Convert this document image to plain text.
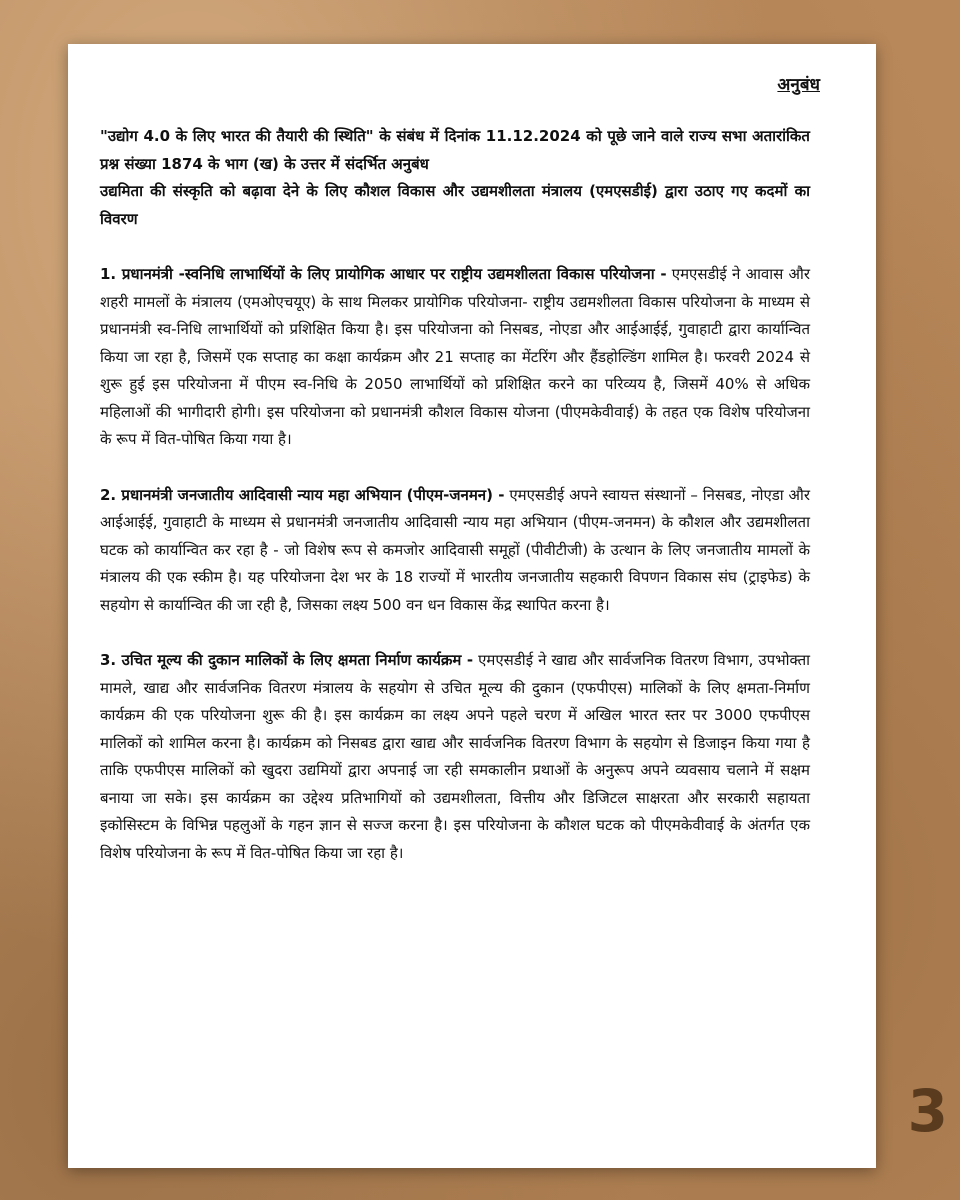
अनुबंध

"उद्योग 4.0 के लिए भारत की तैयारी की स्थिति" के संबंध में दिनांक 11.12.2024 को पूछे जाने वाले राज्य सभा अतारांकित प्रश्न संख्या 1874 के भाग (ख) के उत्तर में संदर्भित अनुबंध

उद्यमिता की संस्कृति को बढ़ावा देने के लिए कौशल विकास और उद्यमशीलता मंत्रालय (एमएसडीई) द्वारा उठाए गए कदमों का विवरण

1. प्रधानमंत्री -स्वनिधि लाभार्थियों के लिए प्रायोगिक आधार पर राष्ट्रीय उद्यमशीलता विकास परियोजना - एमएसडीई ने आवास और शहरी मामलों के मंत्रालय (एमओएचयूए) के साथ मिलकर प्रायोगिक परियोजना- राष्ट्रीय उद्यमशीलता विकास परियोजना के माध्यम से प्रधानमंत्री स्व-निधि लाभार्थियों को प्रशिक्षित किया है। इस परियोजना को निसबड, नोएडा और आईआईई, गुवाहाटी द्वारा कार्यान्वित किया जा रहा है, जिसमें एक सप्ताह का कक्षा कार्यक्रम और 21 सप्ताह का मेंटरिंग और हैंडहोल्डिंग शामिल है। फरवरी 2024 से शुरू हुई इस परियोजना में पीएम स्व-निधि के 2050 लाभार्थियों को प्रशिक्षित करने का परिव्यय है, जिसमें 40% से अधिक महिलाओं की भागीदारी होगी। इस परियोजना को प्रधानमंत्री कौशल विकास योजना (पीएमकेवीवाई) के तहत एक विशेष परियोजना के रूप में वित-पोषित किया गया है।

2. प्रधानमंत्री जनजातीय आदिवासी न्याय महा अभियान (पीएम-जनमन) - एमएसडीई अपने स्वायत्त संस्थानों – निसबड, नोएडा और आईआईई, गुवाहाटी के माध्यम से प्रधानमंत्री जनजातीय आदिवासी न्याय महा अभियान (पीएम-जनमन) के कौशल और उद्यमशीलता घटक को कार्यान्वित कर रहा है - जो विशेष रूप से कमजोर आदिवासी समूहों (पीवीटीजी) के उत्थान के लिए जनजातीय मामलों के मंत्रालय की एक स्कीम है। यह परियोजना देश भर के 18 राज्यों में भारतीय जनजातीय सहकारी विपणन विकास संघ (ट्राइफेड) के सहयोग से कार्यान्वित की जा रही है, जिसका लक्ष्य 500 वन धन विकास केंद्र स्थापित करना है।

3. उचित मूल्य की दुकान मालिकों के लिए क्षमता निर्माण कार्यक्रम - एमएसडीई ने खाद्य और सार्वजनिक वितरण विभाग, उपभोक्ता मामले, खाद्य और सार्वजनिक वितरण मंत्रालय के सहयोग से उचित मूल्य की दुकान (एफपीएस) मालिकों के लिए क्षमता-निर्माण कार्यक्रम की एक परियोजना शुरू की है। इस कार्यक्रम का लक्ष्य अपने पहले चरण में अखिल भारत स्तर पर 3000 एफपीएस मालिकों को शामिल करना है। कार्यक्रम को निसबड द्वारा खाद्य और सार्वजनिक वितरण विभाग के सहयोग से डिजाइन किया गया है ताकि एफपीएस मालिकों को खुदरा उद्यमियों द्वारा अपनाई जा रही समकालीन प्रथाओं के अनुरूप अपने व्यवसाय चलाने में सक्षम बनाया जा सके। इस कार्यक्रम का उद्देश्य प्रतिभागियों को उद्यमशीलता, वित्तीय और डिजिटल साक्षरता और सरकारी सहायता इकोसिस्टम के विभिन्न पहलुओं के गहन ज्ञान से सज्ज करना है। इस परियोजना के कौशल घटक को पीएमकेवीवाई के अंतर्गत एक विशेष परियोजना के रूप में वित-पोषित किया जा रहा है।

3
